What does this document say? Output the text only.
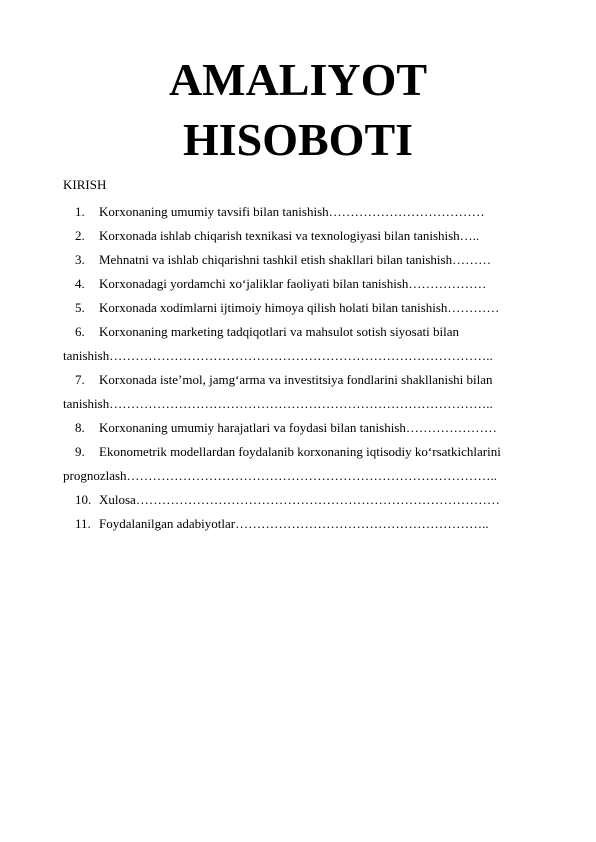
AMALIYOT
HISOBOTI
KIRISH
1. Korxonaning umumiy tavsifi bilan tanishish………………………………
2. Korxonada ishlab chiqarish texnikasi va texnologiyasi bilan tanishish…..
3. Mehnatni va ishlab chiqarishni tashkil etish shakllari bilan tanishish………
4. Korxonadagi yordamchi xo‘jaliklar faoliyati bilan tanishish………………
5. Korxonada xodimlarni ijtimoiy himoya qilish holati bilan tanishish…………
6. Korxonaning marketing tadqiqotlari va mahsulot sotish siyosati bilan
tanishish……………………………………………………………………………..
7. Korxonada iste’mol, jamg‘arma va investitsiya fondlarini shakllanishi bilan
tanishish……………………………………………………………………………..
8. Korxonaning umumiy harajatlari va foydasi bilan tanishish…………………
9. Ekonometrik modellardan foydalanib korxonaning iqtisodiy ko‘rsatkichlarini
prognozlash…………………………………………………………………………..
10. Xulosa…………………………………………………………………………
11. Foydalanilgan adabiyotlar…………………………………………………..
